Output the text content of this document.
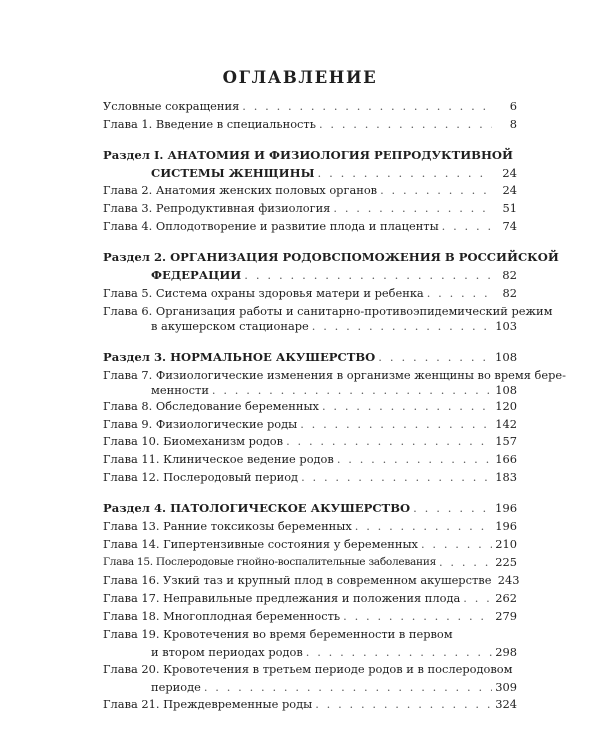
ОГЛАВЛЕНИЕ
Условные сокращения . . .	6
Глава 1. Введение в специальность . . .	8
Раздел I. АНАТОМИЯ И ФИЗИОЛОГИЯ РЕПРОДУКТИВНОЙ
СИСТЕМЫ ЖЕНЩИНЫ . . .	24
Глава 2. Анатомия женских половых органов . . .	24
Глава 3. Репродуктивная физиология . . .	51
Глава 4. Оплодотворение и развитие плода и плаценты . . .	74
Раздел 2. ОРГАНИЗАЦИЯ РОДОВСПОМОЖЕНИЯ В РОССИЙСКОЙ
ФЕДЕРАЦИИ . . .	82
Глава 5. Система охраны здоровья матери и ребенка . . .	82
Глава 6. Организация работы и санитарно-противоэпидемический режим
в акушерском стационаре . . .	103
Раздел 3. НОРМАЛЬНОЕ АКУШЕРСТВО . . .	108
Глава 7. Физиологические изменения в организме женщины во время бере-
менности . . .	108
Глава 8. Обследование беременных . . .	120
Глава 9. Физиологические роды . . .	142
Глава 10. Биомеханизм родов . . .	157
Глава 11. Клиническое ведение родов . . .	166
Глава 12. Послеродовый период . . .	183
Раздел 4. ПАТОЛОГИЧЕСКОЕ АКУШЕРСТВО . . .	196
Глава 13. Ранние токсикозы беременных . . .	196
Глава 14. Гипертензивные состояния у беременных . . .	210
Глава 15. Послеродовые гнойно-воспалительные заболевания . . .	225
Глава 16. Узкий таз и крупный плод в современном акушерстве 243
Глава 17. Неправильные предлежания и положения плода . . .	262
Глава 18. Многоплодная беременность . . .	279
Глава 19. Кровотечения во время беременности в первом
и втором периодах родов . . .	298
Глава 20. Кровотечения в третьем периоде родов и в послеродовом
периоде . . .	309
Глава 21. Преждевременные роды . . .	324
